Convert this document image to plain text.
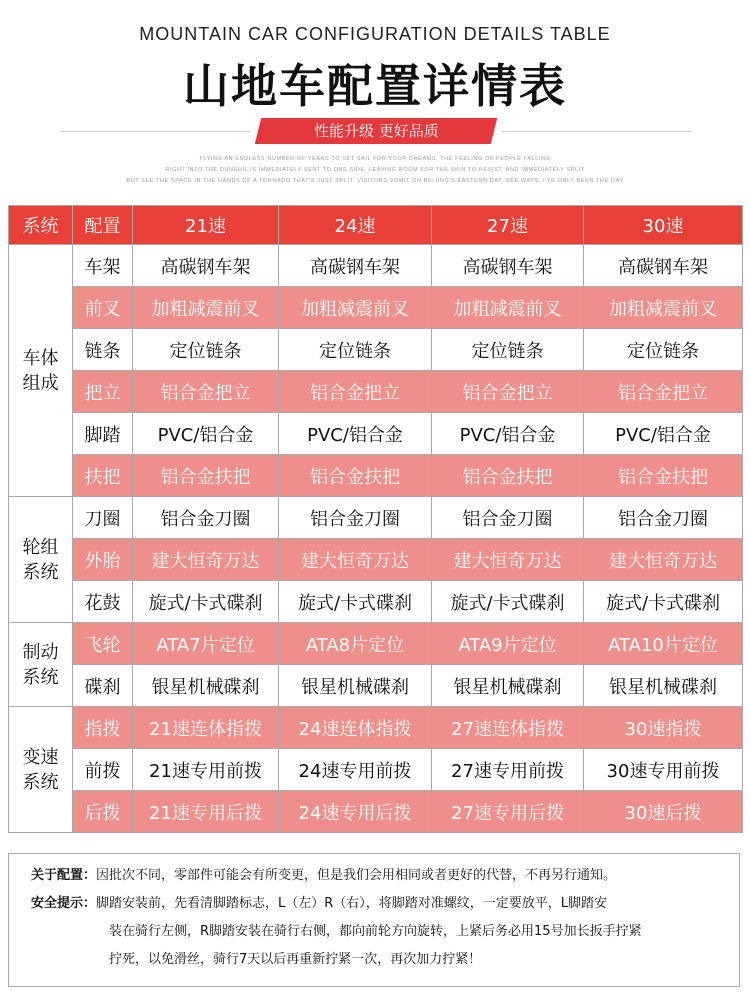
MOUNTAIN CAR CONFIGURATION DETAILS TABLE
山地车配置详情表
性能升级 更好品质
FLYING AN ENDLESS NUMBER OF YEARS TO SET SAIL FOR YOUR DREAMS. THE FEELING OF PEOPLE FALLING
RIGHT INTO THE DUNSHIL IS IMMEDIATELY SENT TO ONE SIDE, LEAVING ROOM FOR THE SKIN TO RESIST, AND IMMEDIATELY SPLIT
BUT SEE THE SPACE IN THE HANDS OF A TORNADO THAT'S JUST SPLIT, VISITORS VOMIT ON BEIJING'S EASTERN DAY, SEE WAYS, I'VE ONLY BEEN THE DAY
系统	配置	21速	24速	27速	30速
车体组成	车架	高碳钢车架	高碳钢车架	高碳钢车架	高碳钢车架
	前叉	加粗减震前叉	加粗减震前叉	加粗减震前叉	加粗减震前叉
	链条	定位链条	定位链条	定位链条	定位链条
	把立	铝合金把立	铝合金把立	铝合金把立	铝合金把立
	脚踏	PVC/铝合金	PVC/铝合金	PVC/铝合金	PVC/铝合金
	扶把	铝合金扶把	铝合金扶把	铝合金扶把	铝合金扶把
轮组系统	刀圈	铝合金刀圈	铝合金刀圈	铝合金刀圈	铝合金刀圈
	外胎	建大恒奇万达	建大恒奇万达	建大恒奇万达	建大恒奇万达
	花鼓	旋式/卡式碟刹	旋式/卡式碟刹	旋式/卡式碟刹	旋式/卡式碟刹
制动系统	飞轮	ATA7片定位	ATA8片定位	ATA9片定位	ATA10片定位
	碟刹	银星机械碟刹	银星机械碟刹	银星机械碟刹	银星机械碟刹
变速系统	指拨	21速连体指拨	24速连体指拨	27速连体指拨	30速指拨
	前拨	21速专用前拨	24速专用前拨	27速专用前拨	30速专用前拨
	后拨	21速专用后拨	24速专用后拨	27速专用后拨	30速后拨
关于配置：因批次不同，零部件可能会有所变更，但是我们会用相同或者更好的代替，不再另行通知。
安全提示：脚踏安装前，先看清脚踏标志，L（左）R（右），将脚踏对准螺纹，一定要放平，L脚踏安
装在骑行左侧，R脚踏安装在骑行右侧，都向前轮方向旋转，上紧后务必用15号加长扳手拧紧
拧死，以免滑丝，骑行7天以后再重新拧紧一次，再次加力拧紧！
